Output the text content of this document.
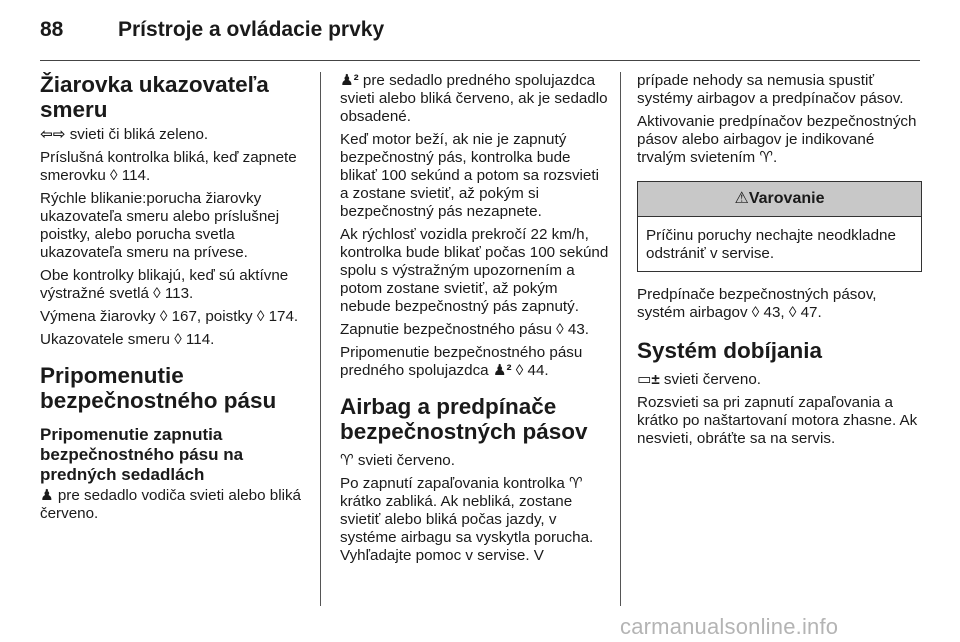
88	Prístroje a ovládacie prvky
Žiarovka ukazovateľa smeru

⇦⇨ svieti či bliká zeleno.

Príslušná kontrolka bliká, keď zapnete smerovku ◊ 114.

Rýchle blikanie:porucha žiarovky ukazovateľa smeru alebo príslušnej poistky, alebo porucha svetla ukazovateľa smeru na prívese.

Obe kontrolky blikajú, keď sú aktívne výstražné svetlá ◊ 113.

Výmena žiarovky ◊ 167, poistky ◊ 174.

Ukazovatele smeru ◊ 114.

Pripomenutie bezpečnostného pásu
Pripomenutie zapnutia bezpečnostného pásu na predných sedadlách

♟ pre sedadlo vodiča svieti alebo bliká červeno.

♟² pre sedadlo predného spolujazdca svieti alebo bliká červeno, ak je sedadlo obsadené.

Keď motor beží, ak nie je zapnutý bezpečnostný pás, kontrolka bude blikať 100 sekúnd a potom sa rozsvieti a zostane svietiť, až pokým si bezpečnostný pás nezapnete.

Ak rýchlosť vozidla prekročí 22 km/h, kontrolka bude blikať počas 100 sekúnd spolu s výstražným upozornením a potom zostane svietiť, až pokým nebude bezpečnostný pás zapnutý.

Zapnutie bezpečnostného pásu ◊ 43.

Pripomenutie bezpečnostného pásu predného spolujazdca ♟² ◊ 44.

Airbag a predpínače bezpečnostných pásov

♈ svieti červeno.

Po zapnutí zapaľovania kontrolka ♈ krátko zabliká. Ak nebliká, zostane svietiť alebo bliká počas jazdy, v systéme airbagu sa vyskytla porucha. Vyhľadajte pomoc v servise. V

prípade nehody sa nemusia spustiť systémy airbagov a predpínačov pásov.

Aktivovanie predpínačov bezpečnostných pásov alebo airbagov je indikované trvalým svietením ♈.

⚠Varovanie
Príčinu poruchy nechajte neodkladne odstrániť v servise.

Predpínače bezpečnostných pásov, systém airbagov ◊ 43, ◊ 47.

Systém dobíjania

▭± svieti červeno.

Rozsvieti sa pri zapnutí zapaľovania a krátko po naštartovaní motora zhasne. Ak nesvieti, obráťte sa na servis.

carmanualsonline.info
